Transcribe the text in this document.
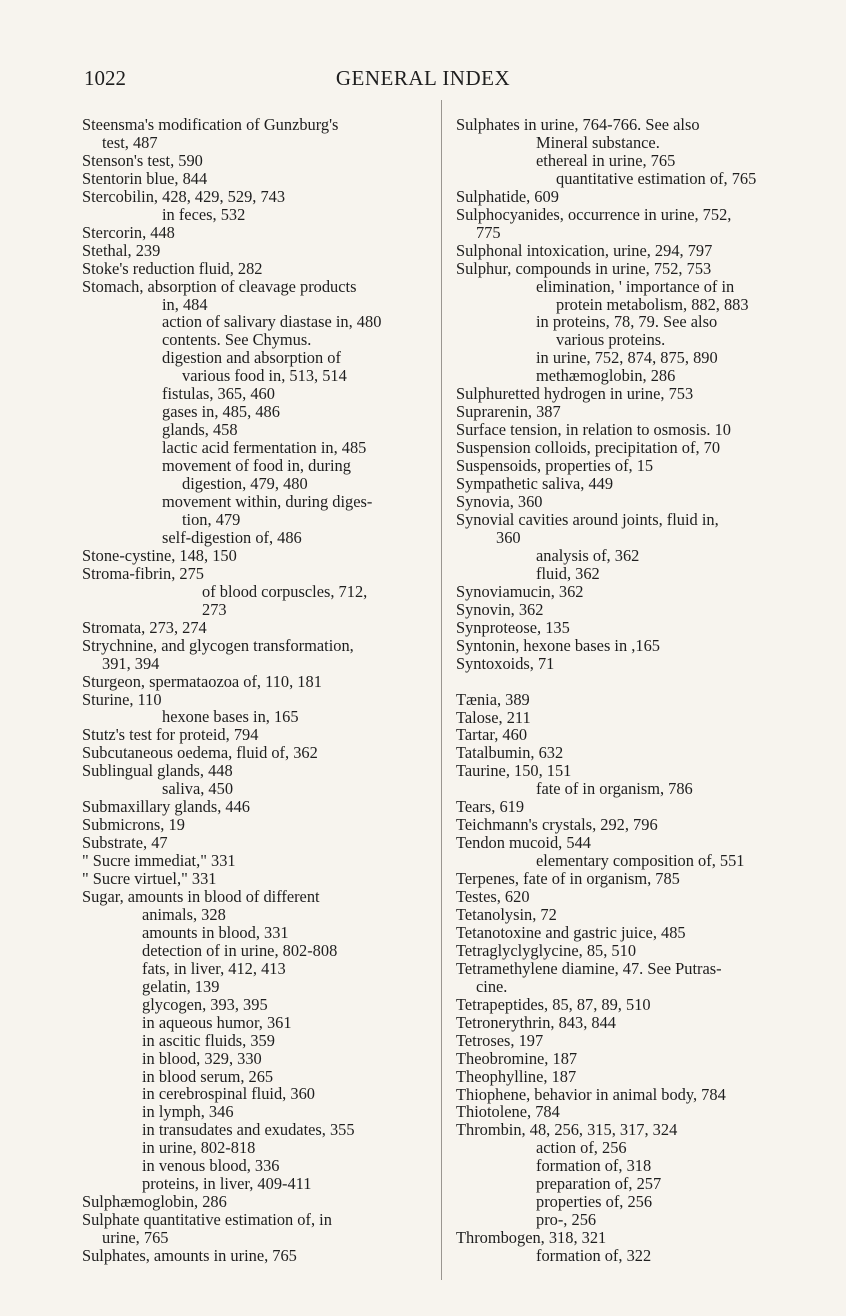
1022	GENERAL INDEX
Steensma's modification of Gunzburg's
test, 487
Stenson's test, 590
Stentorin blue, 844
Stercobilin, 428, 429, 529, 743
in feces, 532
Stercorin, 448
Stethal, 239
Stoke's reduction fluid, 282
Stomach, absorption of cleavage products
in, 484
action of salivary diastase in, 480
contents. See Chymus.
digestion and absorption of
various food in, 513, 514
fistulas, 365, 460
gases in, 485, 486
glands, 458
lactic acid fermentation in, 485
movement of food in, during
digestion, 479, 480
movement within, during diges-
tion, 479
self-digestion of, 486
Stone-cystine, 148, 150
Stroma-fibrin, 275
of blood corpuscles, 712,
273
Stromata, 273, 274
Strychnine, and glycogen transformation,
391, 394
Sturgeon, spermataozoa of, 110, 181
Sturine, 110
hexone bases in, 165
Stutz's test for proteid, 794
Subcutaneous oedema, fluid of, 362
Sublingual glands, 448
saliva, 450
Submaxillary glands, 446
Submicrons, 19
Substrate, 47
" Sucre immediat," 331
" Sucre virtuel," 331
Sugar, amounts in blood of different
animals, 328
amounts in blood, 331
detection of in urine, 802-808
fats, in liver, 412, 413
gelatin, 139
glycogen, 393, 395
in aqueous humor, 361
in ascitic fluids, 359
in blood, 329, 330
in blood serum, 265
in cerebrospinal fluid, 360
in lymph, 346
in transudates and exudates, 355
in urine, 802-818
in venous blood, 336
proteins, in liver, 409-411
Sulphæmoglobin, 286
Sulphate quantitative estimation of, in
urine, 765
Sulphates, amounts in urine, 765
Sulphates in urine, 764-766. See also
Mineral substance.
ethereal in urine, 765
quantitative estimation of, 765
Sulphatide, 609
Sulphocyanides, occurrence in urine, 752,
775
Sulphonal intoxication, urine, 294, 797
Sulphur, compounds in urine, 752, 753
elimination, ' importance of in
protein metabolism, 882, 883
in proteins, 78, 79. See also
various proteins.
in urine, 752, 874, 875, 890
methæmoglobin, 286
Sulphuretted hydrogen in urine, 753
Suprarenin, 387
Surface tension, in relation to osmosis. 10
Suspension colloids, precipitation of, 70
Suspensoids, properties of, 15
Sympathetic saliva, 449
Synovia, 360
Synovial cavities around joints, fluid in,
360
analysis of, 362
fluid, 362
Synoviamucin, 362
Synovin, 362
Synproteose, 135
Syntonin, hexone bases in ,165
Syntoxoids, 71
Tænia, 389
Talose, 211
Tartar, 460
Tatalbumin, 632
Taurine, 150, 151
fate of in organism, 786
Tears, 619
Teichmann's crystals, 292, 796
Tendon mucoid, 544
elementary composition of, 551
Terpenes, fate of in organism, 785
Testes, 620
Tetanolysin, 72
Tetanotoxine and gastric juice, 485
Tetraglyclyglycine, 85, 510
Tetramethylene diamine, 47. See Putras-
cine.
Tetrapeptides, 85, 87, 89, 510
Tetronerythrin, 843, 844
Tetroses, 197
Theobromine, 187
Theophylline, 187
Thiophene, behavior in animal body, 784
Thiotolene, 784
Thrombin, 48, 256, 315, 317, 324
action of, 256
formation of, 318
preparation of, 257
properties of, 256
pro-, 256
Thrombogen, 318, 321
formation of, 322
